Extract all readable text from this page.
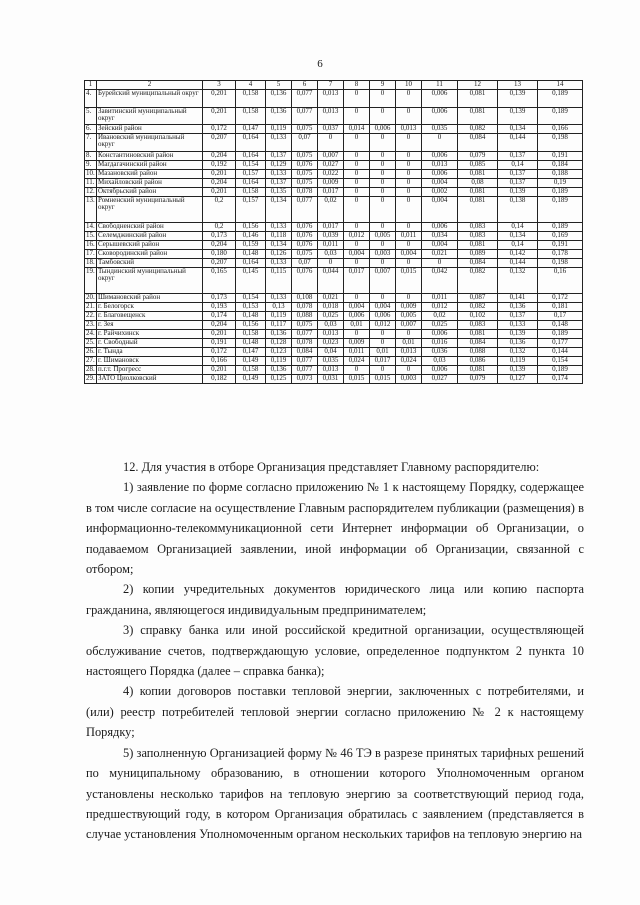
6
1	2	3	4	5	6	7	8	9	10	11	12	13	14
4.	Бурейский муниципальный округ	0,201	0,158	0,136	0,077	0,013	0	0	0	0,006	0,081	0,139	0,189
5.	Завитинский муниципальный округ	0,201	0,158	0,136	0,077	0,013	0	0	0	0,006	0,081	0,139	0,189
6.	Зейский район	0,172	0,147	0,119	0,075	0,037	0,014	0,006	0,013	0,035	0,082	0,134	0,166
7.	Ивановский муниципальный округ	0,207	0,164	0,133	0,07	0	0	0	0	0	0,084	0,144	0,198
8.	Константиновский район	0,204	0,164	0,137	0,075	0,007	0	0	0	0,006	0,079	0,137	0,191
9.	Магдагачинский район	0,192	0,154	0,129	0,076	0,027	0	0	0	0,013	0,085	0,14	0,184
10.	Мазановский район	0,201	0,157	0,133	0,075	0,022	0	0	0	0,006	0,081	0,137	0,188
11.	Михайловский район	0,204	0,164	0,137	0,075	0,009	0	0	0	0,004	0,08	0,137	0,19
12.	Октябрьский район	0,201	0,158	0,135	0,078	0,017	0	0	0	0,002	0,081	0,139	0,189
13.	Ромненский муниципальный округ	0,2	0,157	0,134	0,077	0,02	0	0	0	0,004	0,081	0,138	0,189
14.	Свободненский район	0,2	0,156	0,133	0,076	0,017	0	0	0	0,006	0,083	0,14	0,189
15.	Селемджинский район	0,173	0,146	0,118	0,076	0,039	0,012	0,005	0,011	0,034	0,083	0,134	0,169
16.	Серышевский район	0,204	0,159	0,134	0,076	0,011	0	0	0	0,004	0,081	0,14	0,191
17.	Сковородинский район	0,180	0,148	0,126	0,075	0,03	0,004	0,003	0,004	0,021	0,089	0,142	0,178
18.	Тамбовский	0,207	0,164	0,133	0,07	0	0	0	0	0	0,084	0,144	0,198
19.	Тындинский муниципальный округ	0,165	0,145	0,115	0,076	0,044	0,017	0,007	0,015	0,042	0,082	0,132	0,16
20.	Шимановский район	0,173	0,154	0,133	0,108	0,021	0	0	0	0,011	0,087	0,141	0,172
21.	г. Белогорск	0,193	0,153	0,13	0,078	0,018	0,004	0,004	0,009	0,012	0,082	0,136	0,181
22.	г. Благовещенск	0,174	0,148	0,119	0,088	0,025	0,006	0,006	0,005	0,02	0,102	0,137	0,17
23.	г. Зея	0,204	0,156	0,117	0,075	0,03	0,01	0,012	0,007	0,025	0,083	0,133	0,148
24.	г. Райчихинск	0,201	0,158	0,136	0,077	0,013	0	0	0	0,006	0,081	0,139	0,189
25.	г. Свободный	0,191	0,148	0,128	0,078	0,023	0,009	0	0,01	0,016	0,084	0,136	0,177
26.	г. Тында	0,172	0,147	0,123	0,084	0,04	0,011	0,01	0,013	0,036	0,088	0,132	0,144
27.	г. Шимановск	0,166	0,149	0,119	0,077	0,035	0,024	0,017	0,024	0,03	0,086	0,119	0,154
28.	п.г.т. Прогресс	0,201	0,158	0,136	0,077	0,013	0	0	0	0,006	0,081	0,139	0,189
29.	ЗАТО Циолковский	0,182	0,149	0,125	0,073	0,031	0,015	0,015	0,003	0,027	0,079	0,127	0,174

12. Для участия в отборе Организация представляет Главному распорядителю:

1) заявление по форме согласно приложению № 1 к настоящему Порядку, содержащее в том числе согласие на осуществление Главным распорядителем публикации (размещения) в информационно-телекоммуникационной сети Интернет информации об Организации, о подаваемом Организацией заявлении, иной информации об Организации, связанной с отбором;

2) копии учредительных документов юридического лица или копию паспорта гражданина, являющегося индивидуальным предпринимателем;

3) справку банка или иной российской кредитной организации, осуществляющей обслуживание счетов, подтверждающую условие, определенное подпунктом 2 пункта 10 настоящего Порядка (далее – справка банка);

4) копии договоров поставки тепловой энергии, заключенных с потребителями, и (или) реестр потребителей тепловой энергии согласно приложению № 2 к настоящему Порядку;

5) заполненную Организацией форму № 46 ТЭ в разрезе принятых тарифных решений по муниципальному образованию, в отношении которого Уполномоченным органом установлены несколько тарифов на тепловую энергию за соответствующий период года, предшествующий году, в котором Организация обратилась с заявлением (представляется в случае установления Уполномоченным органом нескольких тарифов на тепловую энергию на
